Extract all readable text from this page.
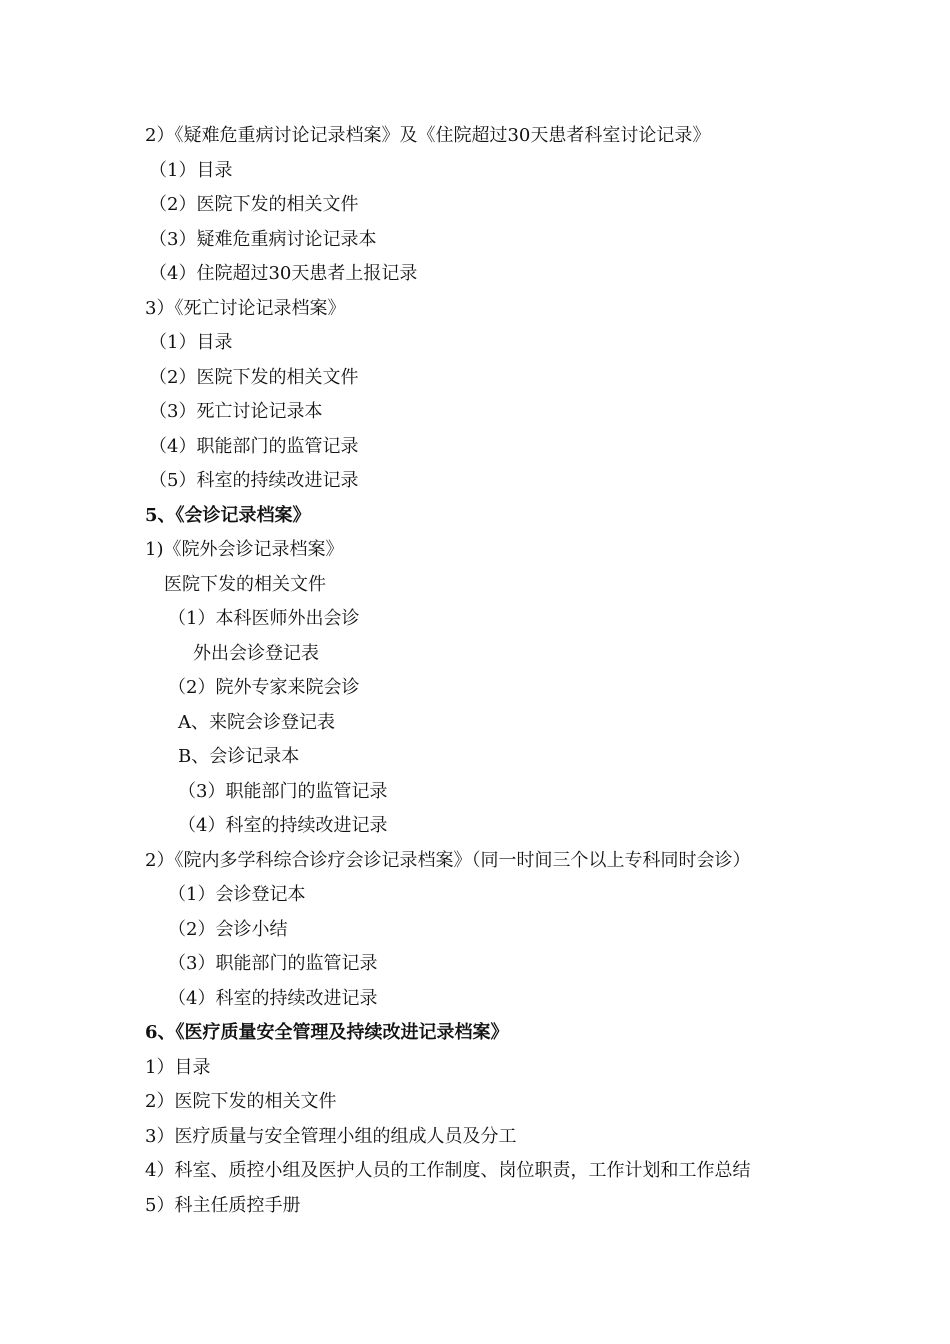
2）《疑难危重病讨论记录档案》及《住院超过30天患者科室讨论记录》
（1）目录
（2）医院下发的相关文件
（3）疑难危重病讨论记录本
（4）住院超过30天患者上报记录
3）《死亡讨论记录档案》
（1）目录
（2）医院下发的相关文件
（3）死亡讨论记录本
（4）职能部门的监管记录
（5）科室的持续改进记录
5、《会诊记录档案》
1)《院外会诊记录档案》
医院下发的相关文件
（1）本科医师外出会诊
外出会诊登记表
（2）院外专家来院会诊
A、来院会诊登记表
B、会诊记录本
（3）职能部门的监管记录
（4）科室的持续改进记录
2）《院内多学科综合诊疗会诊记录档案》（同一时间三个以上专科同时会诊）
（1）会诊登记本
（2）会诊小结
（3）职能部门的监管记录
（4）科室的持续改进记录
6、《医疗质量安全管理及持续改进记录档案》
1）目录
2）医院下发的相关文件
3）医疗质量与安全管理小组的组成人员及分工
4）科室、质控小组及医护人员的工作制度、岗位职责，工作计划和工作总结
5）科主任质控手册
